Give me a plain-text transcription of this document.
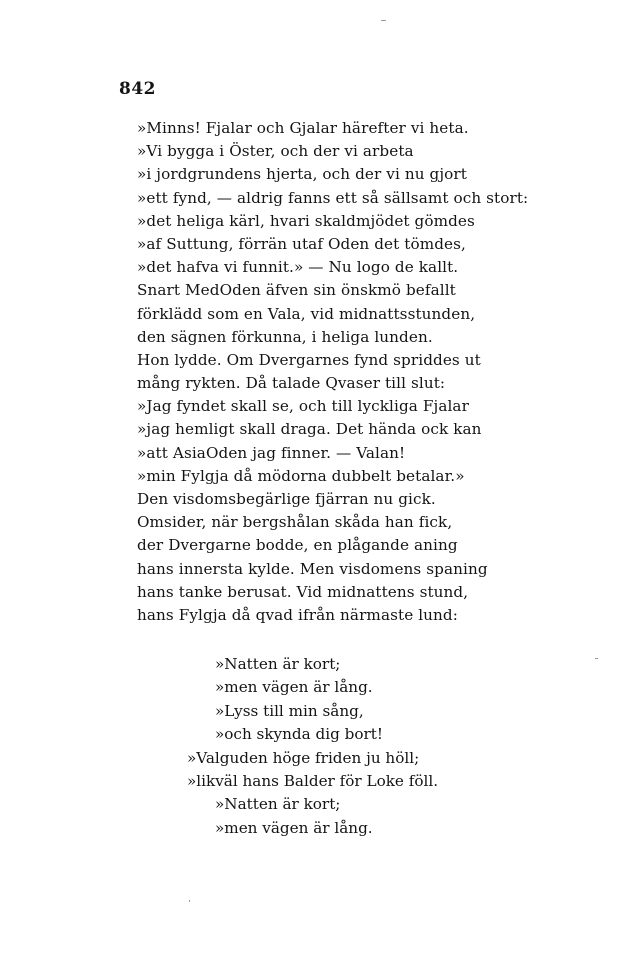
842
»Minns! Fjalar och Gjalar härefter vi heta.
»Vi bygga i Öster, och der vi arbeta
»i jordgrundens hjerta, och der vi nu gjort
»ett fynd, — aldrig fanns ett så sällsamt och stort:
»det heliga kärl, hvari skaldmjödet gömdes
»af Suttung, förrän utaf Oden det tömdes,
»det hafva vi funnit.» — Nu logo de kallt.
Snart MedOden äfven sin önskmö befallt
förklädd som en Vala, vid midnattsstunden,
den sägnen förkunna, i heliga lunden.
Hon lydde. Om Dvergarnes fynd spriddes ut
mång rykten. Då talade Qvaser till slut:
»Jag fyndet skall se, och till lyckliga Fjalar
»jag hemligt skall draga. Det hända ock kan
»att AsiaOden jag finner. — Valan!
»min Fylgja då mödorna dubbelt betalar.»
Den visdomsbegärlige fjärran nu gick.
Omsider, när bergshålan skåda han fick,
der Dvergarne bodde, en plågande aning
hans innersta kylde. Men visdomens spaning
hans tanke berusat. Vid midnattens stund,
hans Fylgja då qvad ifrån närmaste lund:
»Natten är kort;
»men vägen är lång.
»Lyss till min sång,
»och skynda dig bort!
»Valguden höge friden ju höll;
»likväl hans Balder för Loke föll.
»Natten är kort;
»men vägen är lång.
